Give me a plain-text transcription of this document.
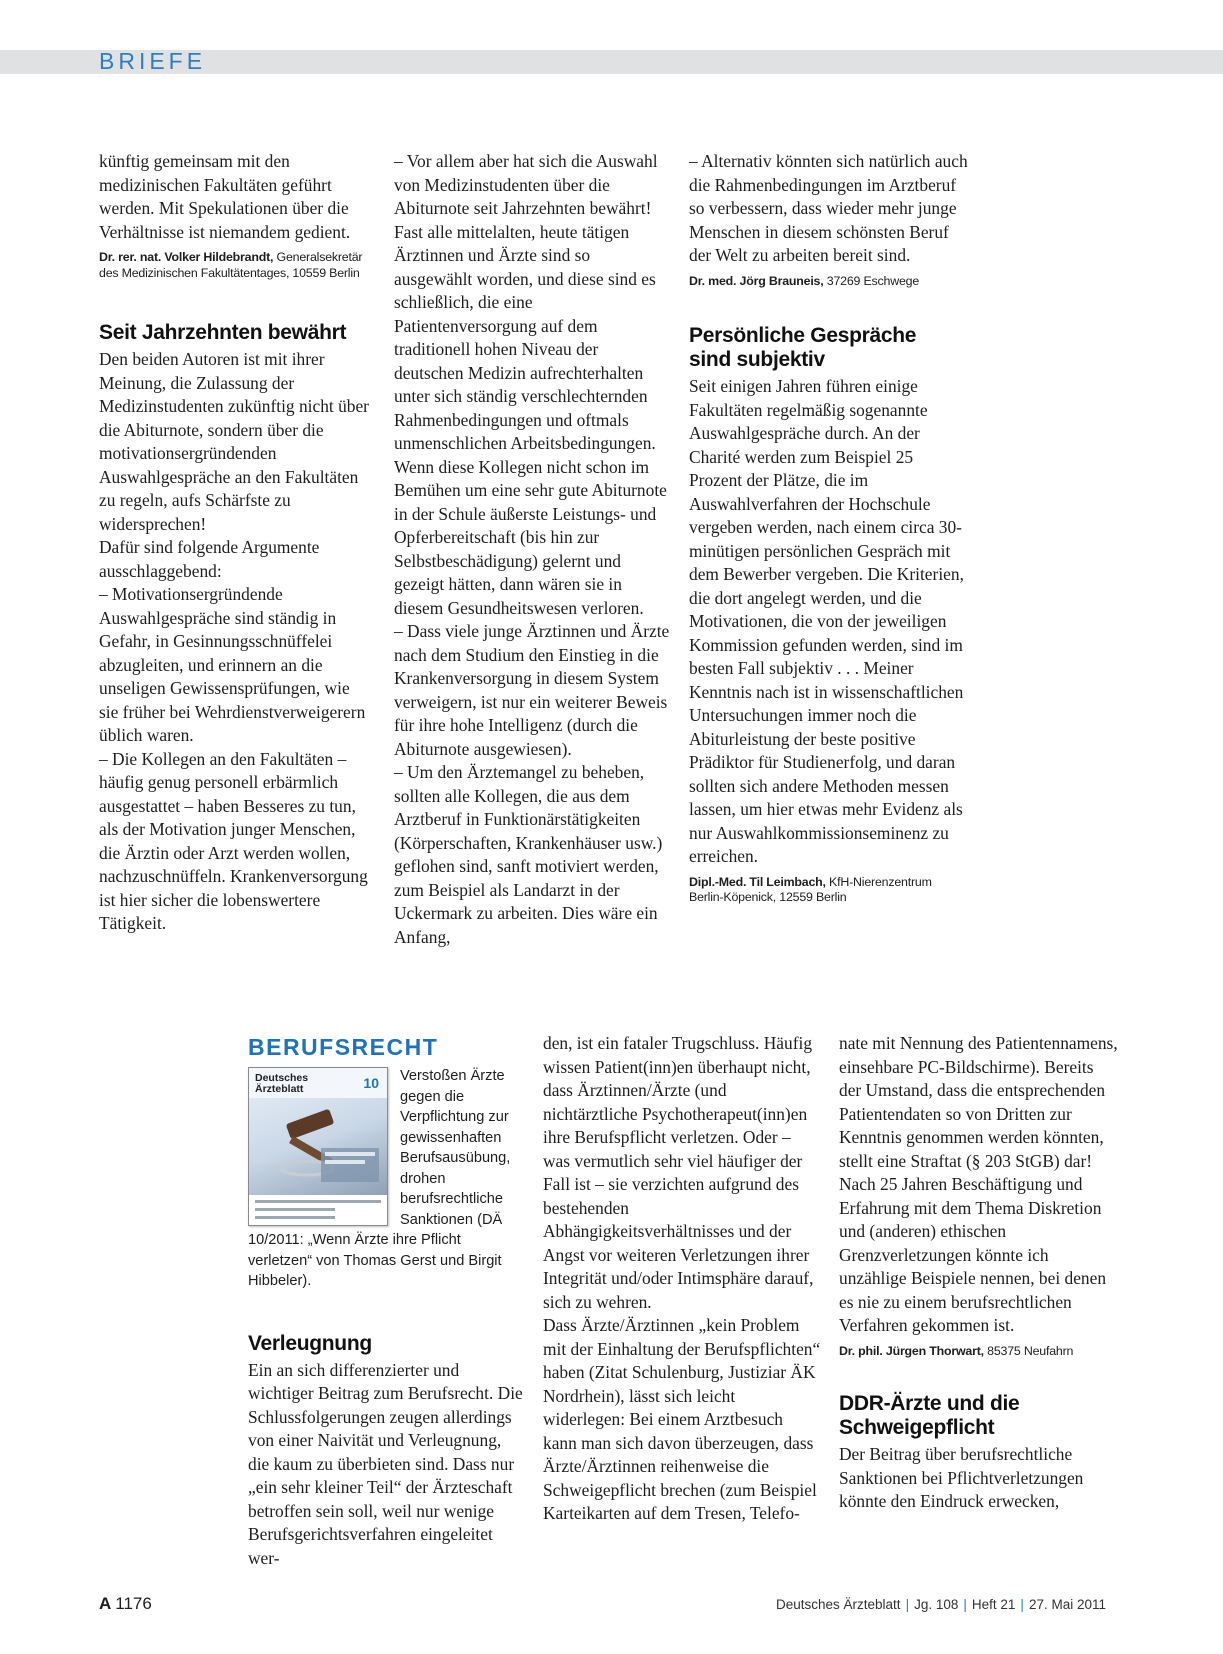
BRIEFE

künftig gemeinsam mit den medizinischen Fakultäten geführt werden. Mit Spekulationen über die Verhältnisse ist niemandem gedient.

Dr. rer. nat. Volker Hildebrandt, Generalsekretär des Medizinischen Fakultätentages, 10559 Berlin

Seit Jahrzehnten bewährt

Den beiden Autoren ist mit ihrer Meinung, die Zulassung der Medizinstudenten zukünftig nicht über die Abiturnote, sondern über die motivationsergründenden Auswahlgespräche an den Fakultäten zu regeln, aufs Schärfste zu widersprechen!

Dafür sind folgende Argumente ausschlaggebend:

– Motivationsergründende Auswahlgespräche sind ständig in Gefahr, in Gesinnungsschnüffelei abzugleiten, und erinnern an die unseligen Gewissensprüfungen, wie sie früher bei Wehrdienstverweigerern üblich waren.

– Die Kollegen an den Fakultäten – häufig genug personell erbärmlich ausgestattet – haben Besseres zu tun, als der Motivation junger Menschen, die Ärztin oder Arzt werden wollen, nachzuschnüffeln. Krankenversorgung ist hier sicher die lobenswertere Tätigkeit.

– Vor allem aber hat sich die Auswahl von Medizinstudenten über die Abiturnote seit Jahrzehnten bewährt! Fast alle mittelalten, heute tätigen Ärztinnen und Ärzte sind so ausgewählt worden, und diese sind es schließlich, die eine Patientenversorgung auf dem traditionell hohen Niveau der deutschen Medizin aufrechterhalten unter sich ständig verschlechternden Rahmenbedingungen und oftmals unmenschlichen Arbeitsbedingungen. Wenn diese Kollegen nicht schon im Bemühen um eine sehr gute Abiturnote in der Schule äußerste Leistungs- und Opferbereitschaft (bis hin zur Selbstbeschädigung) gelernt und gezeigt hätten, dann wären sie in diesem Gesundheitswesen verloren.

– Dass viele junge Ärztinnen und Ärzte nach dem Studium den Einstieg in die Krankenversorgung in diesem System verweigern, ist nur ein weiterer Beweis für ihre hohe Intelligenz (durch die Abiturnote ausgewiesen).

– Um den Ärztemangel zu beheben, sollten alle Kollegen, die aus dem Arztberuf in Funktionärstätigkeiten (Körperschaften, Krankenhäuser usw.) geflohen sind, sanft motiviert werden, zum Beispiel als Landarzt in der Uckermark zu arbeiten. Dies wäre ein Anfang,

– Alternativ könnten sich natürlich auch die Rahmenbedingungen im Arztberuf so verbessern, dass wieder mehr junge Menschen in diesem schönsten Beruf der Welt zu arbeiten bereit sind.

Dr. med. Jörg Brauneis, 37269 Eschwege

Persönliche Gespräche
sind subjektiv

Seit einigen Jahren führen einige Fakultäten regelmäßig sogenannte Auswahlgespräche durch. An der Charité werden zum Beispiel 25 Prozent der Plätze, die im Auswahlverfahren der Hochschule vergeben werden, nach einem circa 30-minütigen persönlichen Gespräch mit dem Bewerber vergeben. Die Kriterien, die dort angelegt werden, und die Motivationen, die von der jeweiligen Kommission gefunden werden, sind im besten Fall subjektiv . . . Meiner Kenntnis nach ist in wissenschaftlichen Untersuchungen immer noch die Abiturleistung der beste positive Prädiktor für Studienerfolg, und daran sollten sich andere Methoden messen lassen, um hier etwas mehr Evidenz als nur Auswahlkommissionseminenz zu erreichen.

Dipl.-Med. Til Leimbach, KfH-Nierenzentrum Berlin-Köpenick, 12559 Berlin

BERUFSRECHT
Deutsches
Ärzteblatt	10 Verstoßen Ärzte gegen die Verpflichtung zur gewissenhaften Berufsausübung, drohen berufsrechtliche Sanktionen (DÄ 10/2011: „Wenn Ärzte ihre Pflicht verletzen“ von Thomas Gerst und Birgit Hibbeler).
Verleugnung

Ein an sich differenzierter und wichtiger Beitrag zum Berufsrecht. Die Schlussfolgerungen zeugen allerdings von einer Naivität und Verleugnung, die kaum zu überbieten sind. Dass nur „ein sehr kleiner Teil“ der Ärzteschaft betroffen sein soll, weil nur wenige Berufsgerichtsverfahren eingeleitet wer-

den, ist ein fataler Trugschluss. Häufig wissen Patient(inn)en überhaupt nicht, dass Ärztinnen/Ärzte (und nichtärztliche Psychotherapeut(inn)en ihre Berufspflicht verletzen. Oder – was vermutlich sehr viel häufiger der Fall ist – sie verzichten aufgrund des bestehenden Abhängigkeitsverhältnisses und der Angst vor weiteren Verletzungen ihrer Integrität und/oder Intimsphäre darauf, sich zu wehren.

Dass Ärzte/Ärztinnen „kein Problem mit der Einhaltung der Berufspflichten“ haben (Zitat Schulenburg, Justiziar ÄK Nordrhein), lässt sich leicht widerlegen: Bei einem Arztbesuch kann man sich davon überzeugen, dass Ärzte/Ärztinnen reihenweise die Schweigepflicht brechen (zum Beispiel Karteikarten auf dem Tresen, Telefo-

nate mit Nennung des Patientennamens, einsehbare PC-Bildschirme). Bereits der Umstand, dass die entsprechenden Patientendaten so von Dritten zur Kenntnis genommen werden könnten, stellt eine Straftat (§ 203 StGB) dar! Nach 25 Jahren Beschäftigung und Erfahrung mit dem Thema Diskretion und (anderen) ethischen Grenzverletzungen könnte ich unzählige Beispiele nennen, bei denen es nie zu einem berufsrechtlichen Verfahren gekommen ist.

Dr. phil. Jürgen Thorwart, 85375 Neufahrn

DDR-Ärzte und die
Schweigepflicht

Der Beitrag über berufsrechtliche Sanktionen bei Pflichtverletzungen könnte den Eindruck erwecken,

A 1176	Deutsches Ärzteblatt | Jg. 108 | Heft 21 | 27. Mai 2011
